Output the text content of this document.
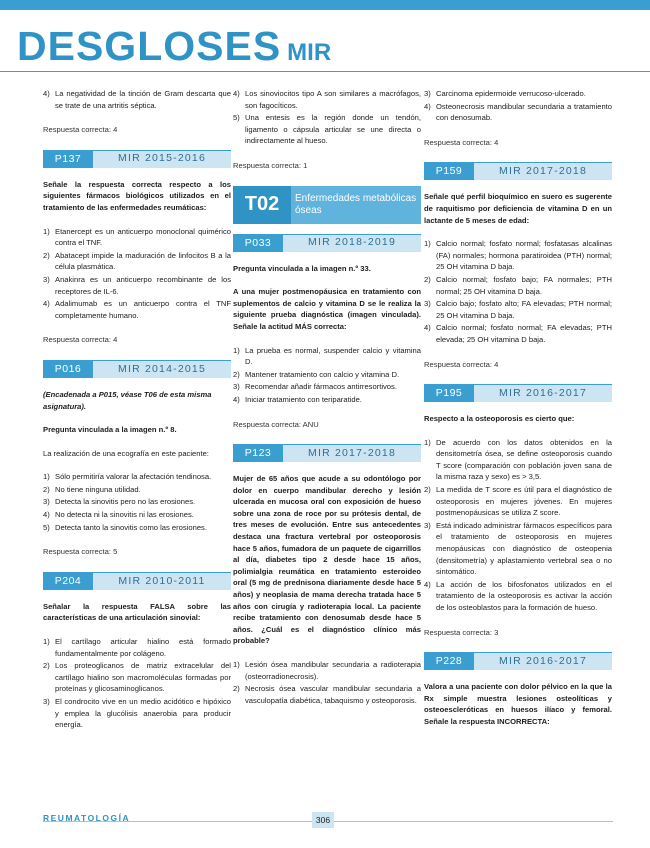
DESGLOSES MIR
4) La negatividad de la tinción de Gram descarta que se trate de una artritis séptica.
Respuesta correcta: 4
P137	MIR 2015-2016
Señale la respuesta correcta respecto a los siguientes fármacos biológicos utilizados en el tratamiento de las enfermedades reumáticas:
1) Etanercept es un anticuerpo monoclonal quimérico contra el TNF.
2) Abatacept impide la maduración de linfocitos B a la célula plasmática.
3) Anakinra es un anticuerpo recombinante de los receptores de IL-6.
4) Adalimumab es un anticuerpo contra el TNF completamente humano.
Respuesta correcta: 4
P016	MIR 2014-2015
(Encadenada a P015, véase T06 de esta misma asignatura).
Pregunta vinculada a la imagen n.º 8.
La realización de una ecografía en este paciente:
1) Sólo permitiría valorar la afectación tendinosa.
2) No tiene ninguna utilidad.
3) Detecta la sinovitis pero no las erosiones.
4) No detecta ni la sinovitis ni las erosiones.
5) Detecta tanto la sinovitis como las erosiones.
Respuesta correcta: 5
P204	MIR 2010-2011
Señalar la respuesta FALSA sobre las características de una articulación sinovial:
1) El cartílago articular hialino está formado fundamentalmente por colágeno.
2) Los proteoglicanos de matriz extracelular del cartílago hialino son macromoléculas formadas por proteínas y glicosaminoglicanos.
3) El condrocito vive en un medio acidótico e hipóxico y emplea la glucólisis anaerobia para producir energía.
4) Los sinoviocitos tipo A son similares a macrófagos, son fagocíticos.
5) Una entesis es la región donde un tendón, ligamento o cápsula articular se une directa o indirectamente al hueso.
Respuesta correcta: 1
T02	Enfermedades metabólicas óseas
P033	MIR 2018-2019
Pregunta vinculada a la imagen n.º 33.
A una mujer postmenopáusica en tratamiento con suplementos de calcio y vitamina D se le realiza la siguiente prueba diagnóstica (imagen vinculada). Señale la actitud MÁS correcta:
1) La prueba es normal, suspender calcio y vitamina D.
2) Mantener tratamiento con calcio y vitamina D.
3) Recomendar añadir fármacos antirresortivos.
4) Iniciar tratamiento con teriparatide.
Respuesta correcta: ANU
P123	MIR 2017-2018
Mujer de 65 años que acude a su odontólogo por dolor en cuerpo mandibular derecho y lesión ulcerada en mucosa oral con exposición de hueso sobre una zona de roce por su prótesis dental, de tres meses de evolución. Entre sus antecedentes destaca una fractura vertebral por osteoporosis hace 5 años, fumadora de un paquete de cigarrillos al día, diabetes tipo 2 desde hace 15 años, polimialgia reumática en tratamiento esteroideo oral (5 mg de prednisona diariamente desde hace 5 años) y neoplasia de mama derecha tratada hace 5 años con cirugía y radioterapia local. La paciente recibe tratamiento con denosumab desde hace 5 años. ¿Cuál es el diagnóstico clínico más probable?
1) Lesión ósea mandibular secundaria a radioterapia (osteorradionecrosis).
2) Necrosis ósea vascular mandibular secundaria a vasculopatía diabética, tabaquismo y osteoporosis.
3) Carcinoma epidermoide verrucoso-ulcerado.
4) Osteonecrosis mandibular secundaria a tratamiento con denosumab.
Respuesta correcta: 4
P159	MIR 2017-2018
Señale qué perfil bioquímico en suero es sugerente de raquitismo por deficiencia de vitamina D en un lactante de 5 meses de edad:
1) Calcio normal; fosfato normal; fosfatasas alcalinas (FA) normales; hormona paratiroidea (PTH) normal; 25 OH vitamina D baja.
2) Calcio normal; fosfato bajo; FA normales; PTH normal; 25 OH vitamina D baja.
3) Calcio bajo; fosfato alto; FA elevadas; PTH normal; 25 OH vitamina D baja.
4) Calcio normal; fosfato normal; FA elevadas; PTH elevada; 25 OH vitamina D baja.
Respuesta correcta: 4
P195	MIR 2016-2017
Respecto a la osteoporosis es cierto que:
1) De acuerdo con los datos obtenidos en la densitometría ósea, se define osteoporosis cuando T score (comparación con población joven sana de la misma raza y sexo) es > 3,5.
2) La medida de T score es útil para el diagnóstico de osteoporosis en mujeres jóvenes. En mujeres postmenopáusicas se utiliza Z score.
3) Está indicado administrar fármacos específicos para el tratamiento de osteoporosis en mujeres menopáusicas con diagnóstico de osteopenia (densitometría) y aplastamiento vertebral sea o no sintomático.
4) La acción de los bifosfonatos utilizados en el tratamiento de la osteoporosis es activar la acción de los osteoblastos para la formación de hueso.
Respuesta correcta: 3
P228	MIR 2016-2017
Valora a una paciente con dolor pélvico en la que la Rx simple muestra lesiones osteolíticas y osteoescleróticas en huesos ilíaco y femoral. Señale la respuesta INCORRECTA:
REUMATOLOGÍA	306
